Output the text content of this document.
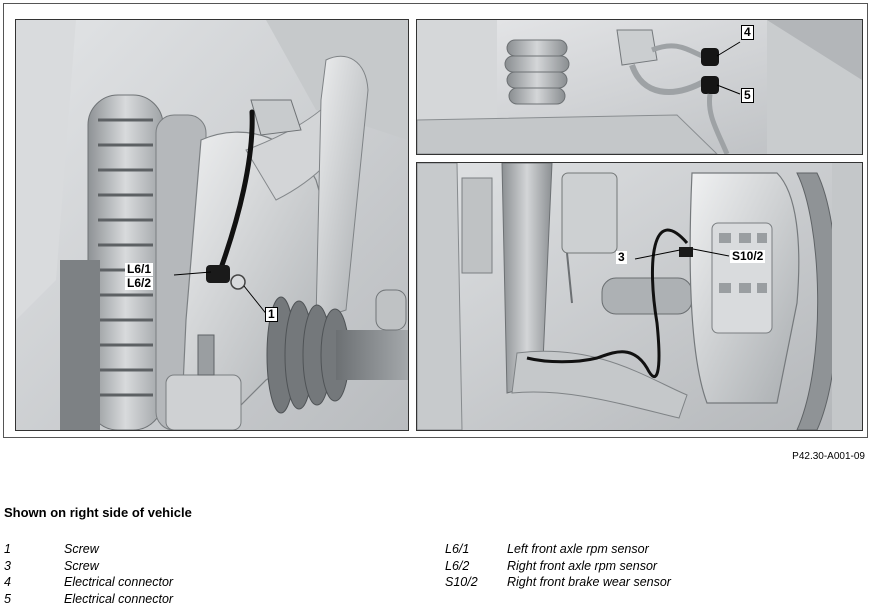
L6/1
L6/2
1
4
5
3	S10/2
P42.30-A001-09
Shown on right side of vehicle
1	Screw
3	Screw
4	Electrical connector
5	Electrical connector
L6/1	Left front axle rpm sensor
L6/2	Right front axle rpm sensor
S10/2 Right front brake wear sensor
